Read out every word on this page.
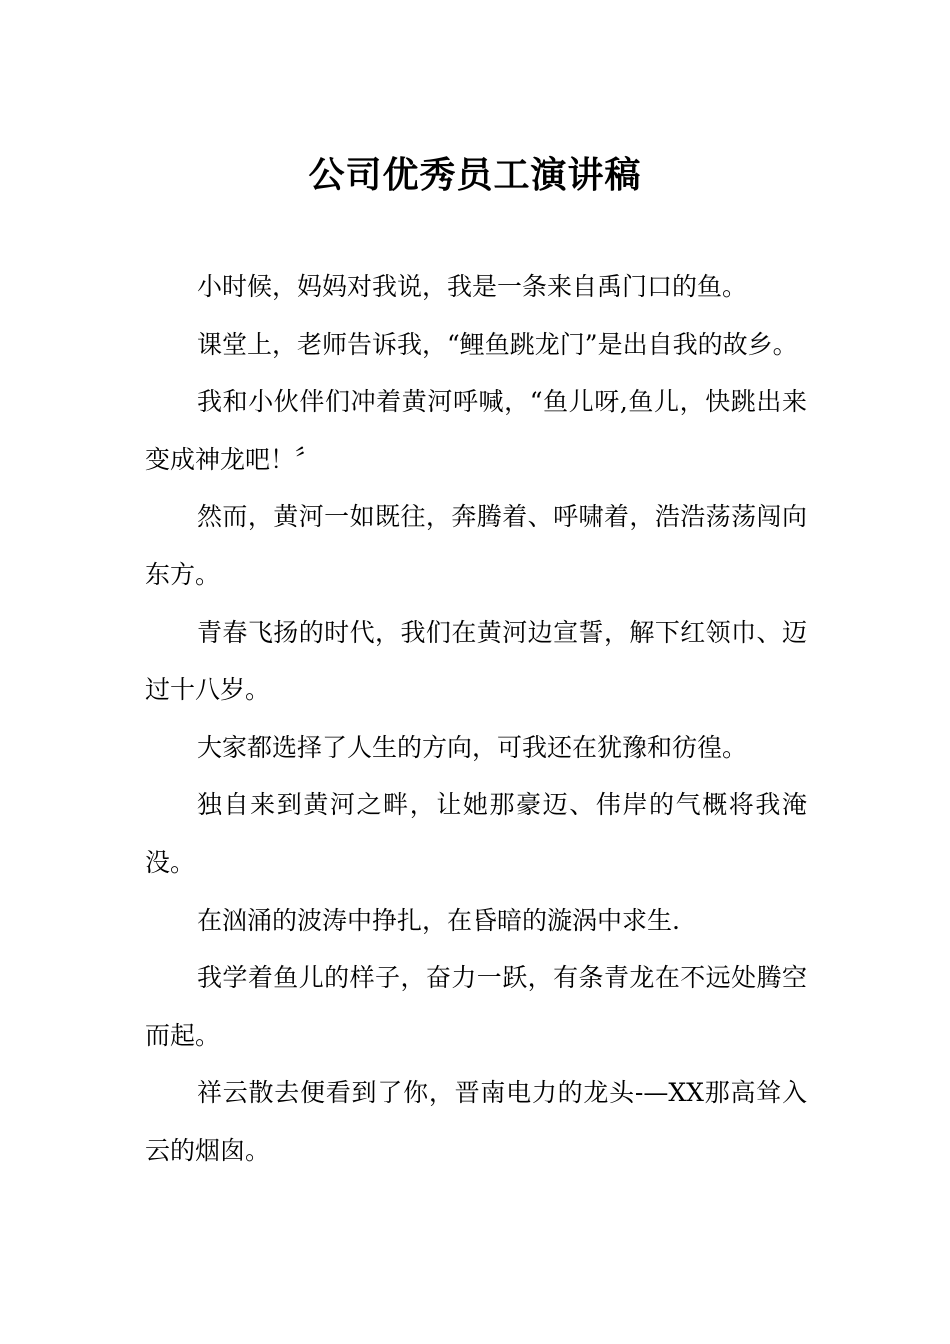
公司优秀员工演讲稿

小时候，妈妈对我说，我是一条来自禹门口的鱼。

课堂上，老师告诉我，“鲤鱼跳龙门”是出自我的故乡。

我和小伙伴们冲着黄河呼喊，“鱼儿呀,鱼儿，快跳出来变成神龙吧！〞

然而，黄河一如既往，奔腾着、呼啸着，浩浩荡荡闯向东方。

青春飞扬的时代，我们在黄河边宣誓，解下红领巾、迈过十八岁。

大家都选择了人生的方向，可我还在犹豫和彷徨。

独自来到黄河之畔，让她那豪迈、伟岸的气概将我淹没。

在汹涌的波涛中挣扎，在昏暗的漩涡中求生.

我学着鱼儿的样子，奋力一跃，有条青龙在不远处腾空而起。

祥云散去便看到了你，晋南电力的龙头-—XX那高耸入云的烟囱。
